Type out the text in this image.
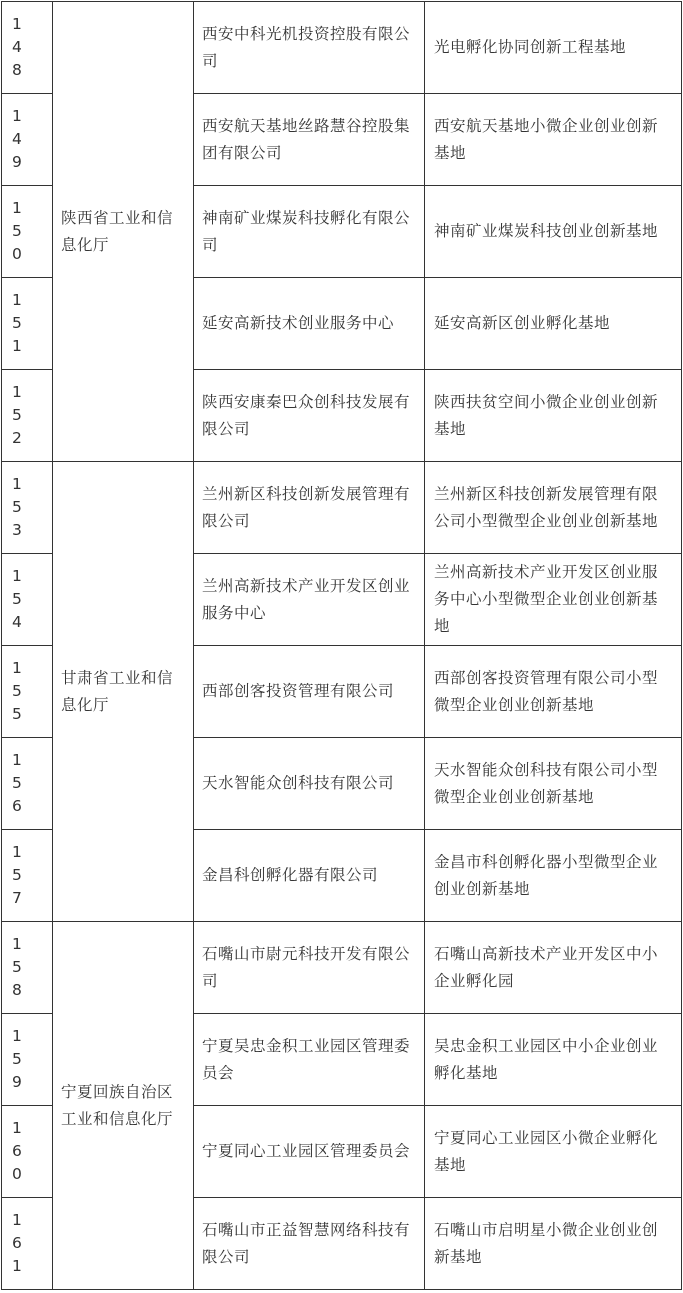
148	陕西省工业和信息化厅	西安中科光机投资控股有限公司	光电孵化协同创新工程基地

149		西安航天基地丝路慧谷控股集团有限公司	西安航天基地小微企业创业创新基地

150		神南矿业煤炭科技孵化有限公司	神南矿业煤炭科技创业创新基地

151		延安高新技术创业服务中心	延安高新区创业孵化基地

152		陕西安康秦巴众创科技发展有限公司	陕西扶贫空间小微企业创业创新基地

153	甘肃省工业和信息化厅	兰州新区科技创新发展管理有限公司	兰州新区科技创新发展管理有限公司小型微型企业创业创新基地

154		兰州高新技术产业开发区创业服务中心	兰州高新技术产业开发区创业服务中心小型微型企业创业创新基地

155		西部创客投资管理有限公司	西部创客投资管理有限公司小型微型企业创业创新基地

156		天水智能众创科技有限公司	天水智能众创科技有限公司小型微型企业创业创新基地

157		金昌科创孵化器有限公司	金昌市科创孵化器小型微型企业创业创新基地

158	宁夏回族自治区工业和信息化厅	石嘴山市尉元科技开发有限公司	石嘴山高新技术产业开发区中小企业孵化园

159		宁夏吴忠金积工业园区管理委员会	吴忠金积工业园区中小企业创业孵化基地

160		宁夏同心工业园区管理委员会	宁夏同心工业园区小微企业孵化基地

161		石嘴山市正益智慧网络科技有限公司	石嘴山市启明星小微企业创业创新基地
